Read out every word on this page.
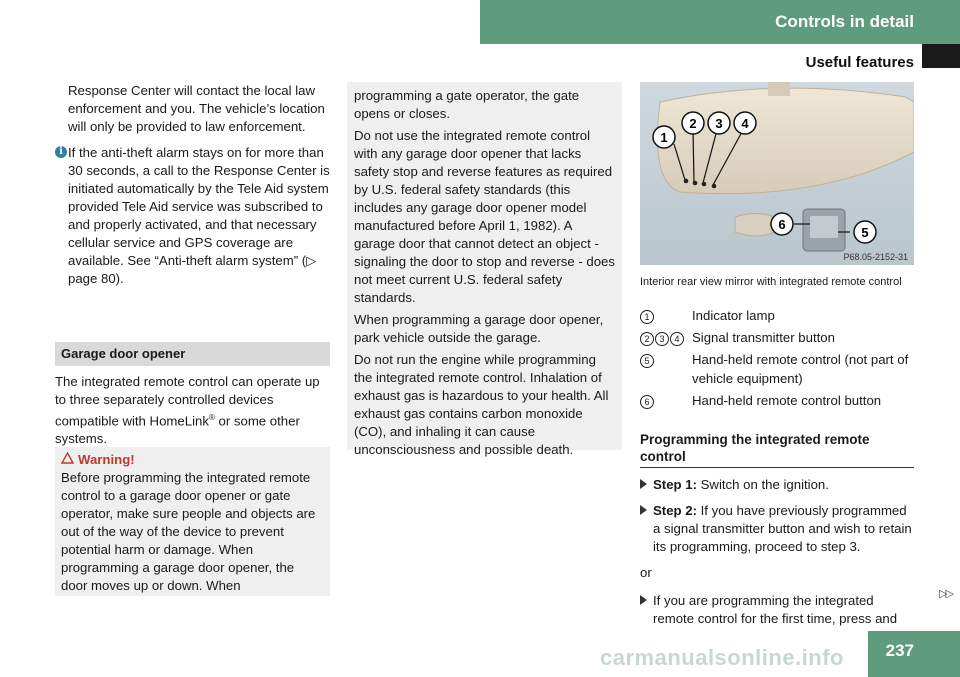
Controls in detail
Useful features

Response Center will contact the local law enforcement and you. The vehicle’s location will only be provided to law enforcement.

i If the anti-theft alarm stays on for more than 30 seconds, a call to the Response Center is initiated automatically by the Tele Aid system provided Tele Aid service was subscribed to and properly activated, and that necessary cellular service and GPS coverage are available. See “Anti-theft alarm system” (▷ page 80).

Garage door opener

The integrated remote control can operate up to three separately controlled devices compatible with HomeLink® or some other systems.

Warning!

Before programming the integrated remote control to a garage door opener or gate operator, make sure people and objects are out of the way of the device to prevent potential harm or damage. When programming a garage door opener, the door moves up or down. When

programming a gate operator, the gate opens or closes.

Do not use the integrated remote control with any garage door opener that lacks safety stop and reverse features as required by U.S. federal safety standards (this includes any garage door opener model manufactured before April 1, 1982). A garage door that cannot detect an object - signaling the door to stop and reverse - does not meet current U.S. federal safety standards.

When programming a garage door opener, park vehicle outside the garage.

Do not run the engine while programming the integrated remote control. Inhalation of exhaust gas is hazardous to your health. All exhaust gas contains carbon monoxide (CO), and inhaling it can cause unconsciousness and possible death.

1
2 3 4
5
6
P68.05-2152-31
Interior rear view mirror with integrated remote control
1	Indicator lamp
2 3 4 Signal transmitter button
5	Hand-held remote control (not part of vehicle equipment)
6	Hand-held remote control button
Programming the integrated remote control

Step 1: Switch on the ignition.

Step 2: If you have previously programmed a signal transmitter button and wish to retain its programming, proceed to step 3.

or

If you are programming the integrated remote control for the first time, press and

▷▷
carmanualsonline.info	237
